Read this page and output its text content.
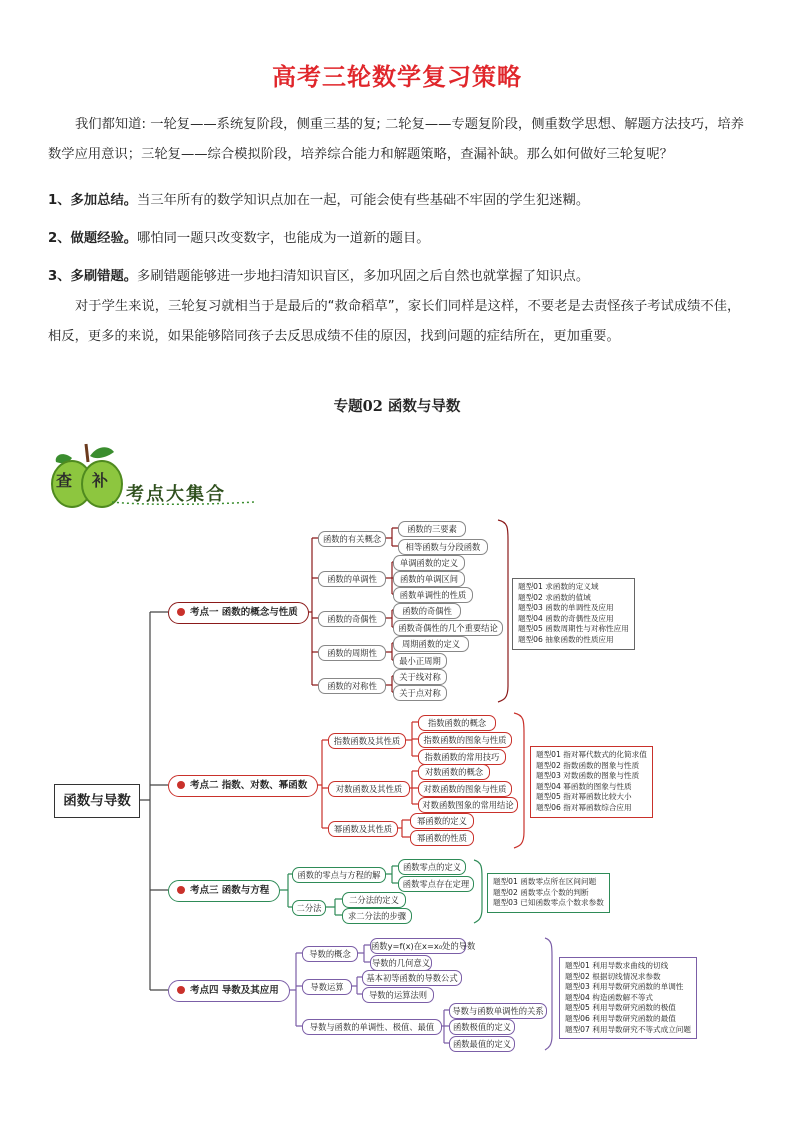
高考三轮数学复习策略

我们都知道: 一轮复——系统复阶段，侧重三基的复; 二轮复——专题复阶段，侧重数学思想、解题方法技巧，培养数学应用意识；三轮复——综合模拟阶段，培养综合能力和解题策略，查漏补缺。那么如何做好三轮复呢？

1、多加总结。当三年所有的数学知识点加在一起，可能会使有些基础不牢固的学生犯迷糊。

2、做题经验。哪怕同一题只改变数字，也能成为一道新的题目。

3、多刷错题。多刷错题能够进一步地扫清知识盲区，多加巩固之后自然也就掌握了知识点。

对于学生来说，三轮复习就相当于是最后的“救命稻草”，家长们同样是这样，不要老是去责怪孩子考试成绩不佳，相反，更多的来说，如果能够陪同孩子去反思成绩不佳的原因，找到问题的症结所在，更加重要。

专题02 函数与导数
查 补
考点大集合
函数与导数
考点一 函数的概念与性质
函数的有关概念
函数的单调性
函数的奇偶性
函数的周期性
函数的对称性
函数的三要素
相等函数与分段函数
单调函数的定义
函数的单调区间
函数单调性的性质
函数的奇偶性
函数奇偶性的几个重要结论
周期函数的定义
最小正周期
关于线对称
关于点对称
题型01 求函数的定义域
题型02 求函数的值域
题型03 函数的单调性及应用
题型04 函数的奇偶性及应用
题型05 函数周期性与对称性应用
题型06 抽象函数的性质应用
考点二 指数、对数、幂函数
指数函数及其性质
对数函数及其性质
幂函数及其性质
指数函数的概念
指数函数的图象与性质
指数函数的常用技巧
对数函数的概念
对数函数的图象与性质
对数函数图象的常用结论
幂函数的定义
幂函数的性质
题型01 指对幂代数式的化简求值
题型02 指数函数的图象与性质
题型03 对数函数的图象与性质
题型04 幂函数的图象与性质
题型05 指对幂函数比较大小
题型06 指对幂函数综合应用
考点三 函数与方程
函数的零点与方程的解
二分法
函数零点的定义
函数零点存在定理
二分法的定义
求二分法的步骤
题型01 函数零点所在区间问题
题型02 函数零点个数的判断
题型03 已知函数零点个数求参数
考点四 导数及其应用
导数的概念
导数运算
导数与函数的单调性、极值、最值
函数y=f(x)在x=x₀处的导数
导数的几何意义
基本初等函数的导数公式
导数的运算法则
导数与函数单调性的关系
函数极值的定义
函数最值的定义
题型01 利用导数求曲线的切线
题型02 根据切线情况求参数
题型03 利用导数研究函数的单调性
题型04 构造函数解不等式
题型05 利用导数研究函数的极值
题型06 利用导数研究函数的最值
题型07 利用导数研究不等式成立问题
